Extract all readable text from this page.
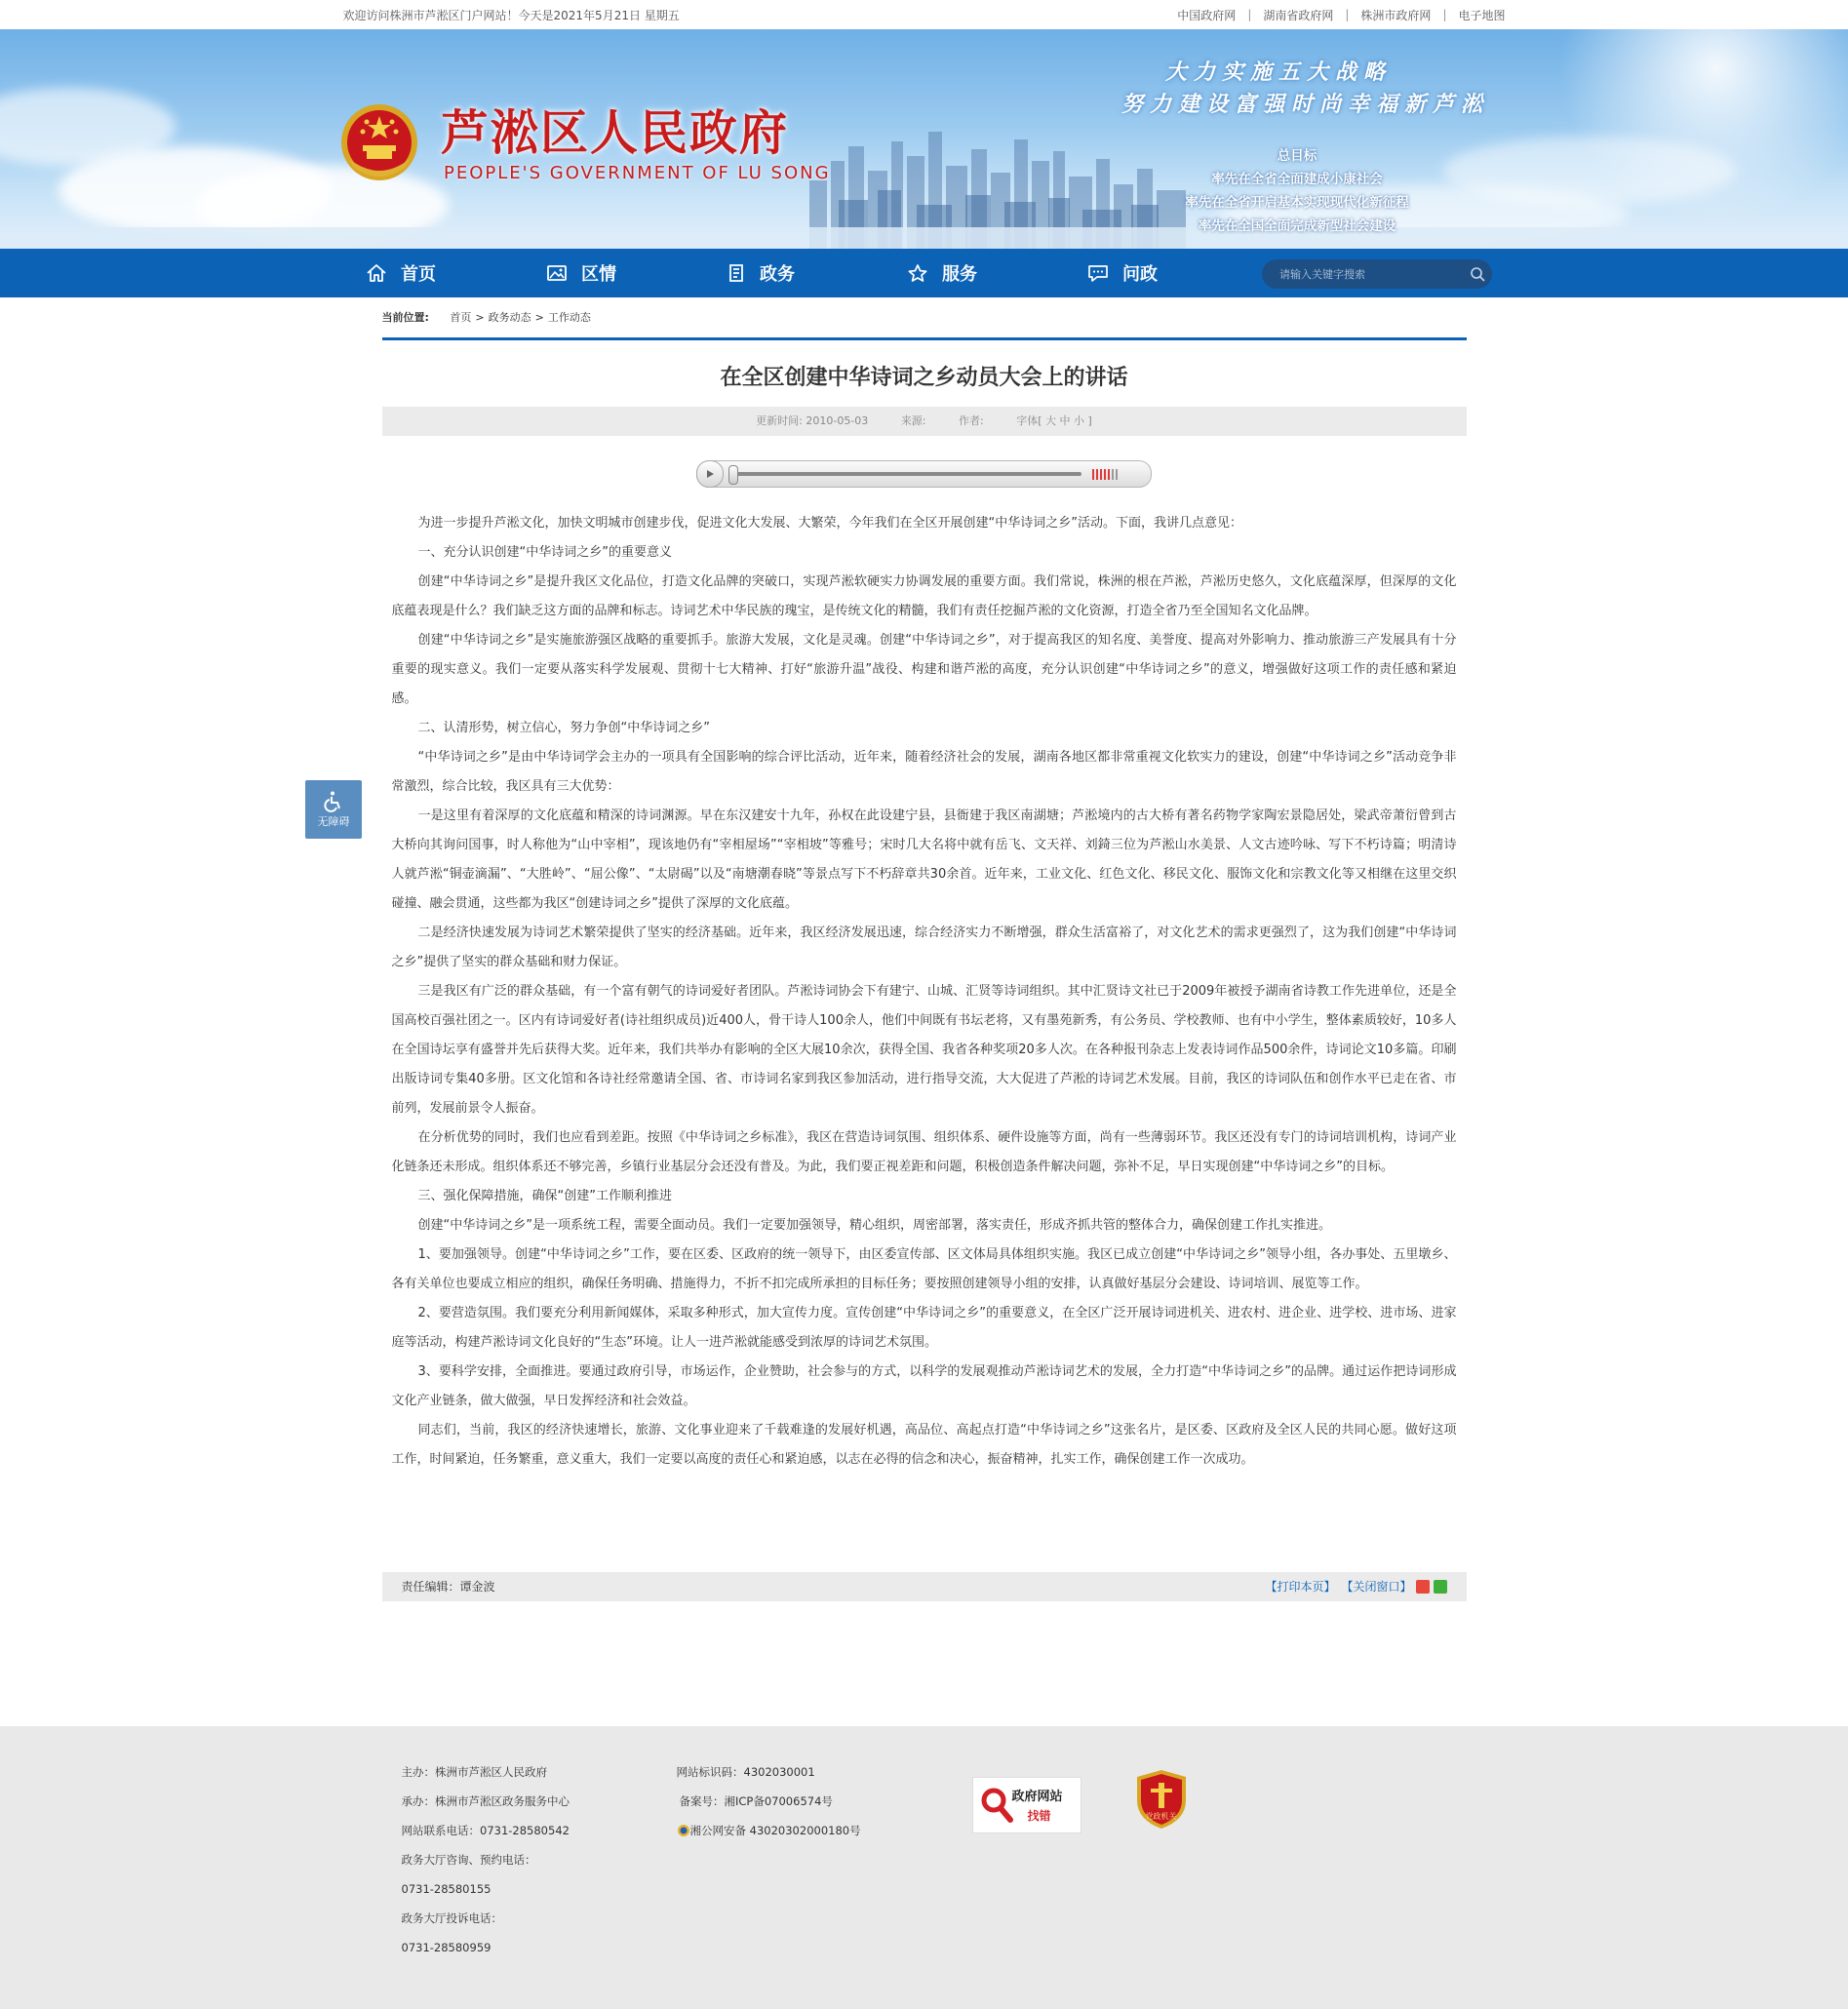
欢迎访问株洲市芦淞区门户网站！今天是2021年5月21日 星期五	中国政府网 | 湖南省政府网 | 株洲市政府网 | 电子地图
芦淞区人民政府
PEOPLE'S GOVERNMENT OF LU SONG
大力实施五大战略
努力建设富强时尚幸福新芦淞
总目标
率先在全省全面建成小康社会
率先在全省开启基本实现现代化新征程
率先在全国全面完成新型社会建设
首页	区情	政务	服务	问政
请输入关键字搜索
当前位置: 首页 > 政务动态 > 工作动态
在全区创建中华诗词之乡动员大会上的讲话
更新时间: 2010-05-03	来源:	作者:	字体[ 大 中 小 ]

为进一步提升芦淞文化，加快文明城市创建步伐，促进文化大发展、大繁荣，今年我们在全区开展创建“中华诗词之乡”活动。下面，我讲几点意见：

一、充分认识创建“中华诗词之乡”的重要意义

创建“中华诗词之乡”是提升我区文化品位，打造文化品牌的突破口，实现芦淞软硬实力协调发展的重要方面。我们常说，株洲的根在芦淞，芦淞历史悠久，文化底蕴深厚，但深厚的文化底蕴表现是什么？我们缺乏这方面的品牌和标志。诗词艺术中华民族的瑰宝，是传统文化的精髓，我们有责任挖掘芦淞的文化资源，打造全省乃至全国知名文化品牌。

创建“中华诗词之乡”是实施旅游强区战略的重要抓手。旅游大发展，文化是灵魂。创建“中华诗词之乡”，对于提高我区的知名度、美誉度、提高对外影响力、推动旅游三产发展具有十分重要的现实意义。我们一定要从落实科学发展观、贯彻十七大精神、打好“旅游升温”战役、构建和谐芦淞的高度，充分认识创建“中华诗词之乡”的意义，增强做好这项工作的责任感和紧迫感。

二、认清形势，树立信心，努力争创“中华诗词之乡”

“中华诗词之乡”是由中华诗词学会主办的一项具有全国影响的综合评比活动，近年来，随着经济社会的发展，湖南各地区都非常重视文化软实力的建设，创建“中华诗词之乡”活动竞争非常激烈，综合比较，我区具有三大优势：

一是这里有着深厚的文化底蕴和精深的诗词渊源。早在东汉建安十九年，孙权在此设建宁县，县衙建于我区南湖塘；芦淞境内的古大桥有著名药物学家陶宏景隐居处，梁武帝萧衍曾到古大桥向其询问国事，时人称他为“山中宰相”，现该地仍有“宰相屋场”“宰相坡”等雅号；宋时几大名将中就有岳飞、文天祥、刘錡三位为芦淞山水美景、人文古迹吟咏、写下不朽诗篇；明清诗人就芦淞“铜壶滴漏”、“大胜岭”、“屈公像”、“太尉碣”以及“南塘潮春晓”等景点写下不朽辞章共30余首。近年来，工业文化、红色文化、移民文化、服饰文化和宗教文化等又相继在这里交织碰撞、融会贯通，这些都为我区“创建诗词之乡”提供了深厚的文化底蕴。

二是经济快速发展为诗词艺术繁荣提供了坚实的经济基础。近年来，我区经济发展迅速，综合经济实力不断增强，群众生活富裕了，对文化艺术的需求更强烈了，这为我们创建“中华诗词之乡”提供了坚实的群众基础和财力保证。

三是我区有广泛的群众基础，有一个富有朝气的诗词爱好者团队。芦淞诗词协会下有建宁、山城、汇贤等诗词组织。其中汇贤诗文社已于2009年被授予湖南省诗教工作先进单位，还是全国高校百强社团之一。区内有诗词爱好者(诗社组织成员)近400人，骨干诗人100余人，他们中间既有书坛老将，又有墨苑新秀，有公务员、学校教师、也有中小学生，整体素质较好，10多人在全国诗坛享有盛誉并先后获得大奖。近年来，我们共举办有影响的全区大展10余次，获得全国、我省各种奖项20多人次。在各种报刊杂志上发表诗词作品500余件，诗词论文10多篇。印刷出版诗词专集40多册。区文化馆和各诗社经常邀请全国、省、市诗词名家到我区参加活动，进行指导交流，大大促进了芦淞的诗词艺术发展。目前，我区的诗词队伍和创作水平已走在省、市前列，发展前景令人振奋。

在分析优势的同时，我们也应看到差距。按照《中华诗词之乡标准》，我区在营造诗词氛围、组织体系、硬件设施等方面，尚有一些薄弱环节。我区还没有专门的诗词培训机构，诗词产业化链条还未形成。组织体系还不够完善，乡镇行业基层分会还没有普及。为此，我们要正视差距和问题，积极创造条件解决问题，弥补不足，早日实现创建“中华诗词之乡”的目标。

三、强化保障措施，确保“创建”工作顺利推进

创建“中华诗词之乡”是一项系统工程，需要全面动员。我们一定要加强领导，精心组织，周密部署，落实责任，形成齐抓共管的整体合力，确保创建工作扎实推进。

1、要加强领导。创建“中华诗词之乡”工作，要在区委、区政府的统一领导下，由区委宣传部、区文体局具体组织实施。我区已成立创建“中华诗词之乡”领导小组，各办事处、五里墩乡、各有关单位也要成立相应的组织，确保任务明确、措施得力，不折不扣完成所承担的目标任务；要按照创建领导小组的安排，认真做好基层分会建设、诗词培训、展览等工作。

2、要营造氛围。我们要充分利用新闻媒体，采取多种形式，加大宣传力度。宣传创建“中华诗词之乡”的重要意义，在全区广泛开展诗词进机关、进农村、进企业、进学校、进市场、进家庭等活动，构建芦淞诗词文化良好的“生态”环境。让人一进芦淞就能感受到浓厚的诗词艺术氛围。

3、要科学安排，全面推进。要通过政府引导，市场运作，企业赞助，社会参与的方式，以科学的发展观推动芦淞诗词艺术的发展，全力打造“中华诗词之乡”的品牌。通过运作把诗词形成文化产业链条，做大做强，早日发挥经济和社会效益。

同志们，当前，我区的经济快速增长，旅游、文化事业迎来了千载难逢的发展好机遇，高品位、高起点打造“中华诗词之乡”这张名片，是区委、区政府及全区人民的共同心愿。做好这项工作，时间紧迫，任务繁重，意义重大，我们一定要以高度的责任心和紧迫感，以志在必得的信念和决心，振奋精神，扎实工作，确保创建工作一次成功。

责任编辑：谭金波	【打印本页】 【关闭窗口】
无障碍
主办：株洲市芦淞区人民政府
承办：株洲市芦淞区政务服务中心
网站联系电话：0731-28580542
政务大厅咨询、预约电话：
0731-28580155
政务大厅投诉电话：
0731-28580959
网站标识码：4302030001
备案号：湘ICP备07006574号
湘公网安备 43020302000180号
政府网站
找错	党政机关
